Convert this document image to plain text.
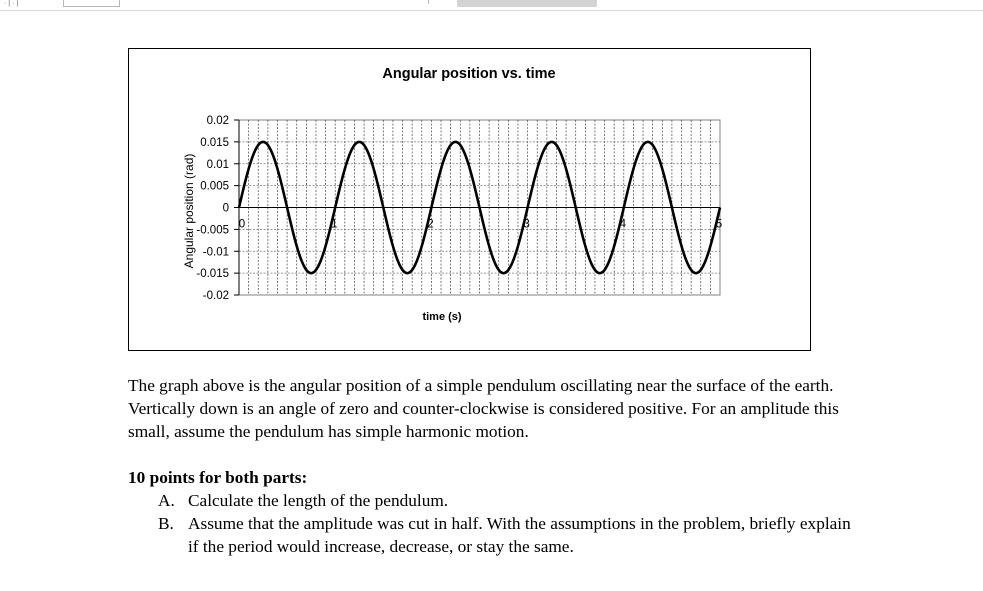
· | · |
Angular position vs. time
0.02
0.015
0.01
0.005
0
-0.005
-0.01
-0.015
-0.02
0	1	2	3	4	5
time (s)
Angular position (rad)

The graph above is the angular position of a simple pendulum oscillating near the surface of the earth. Vertically down is an angle of zero and counter-clockwise is considered positive. For an amplitude this small, assume the pendulum has simple harmonic motion.

10 points for both parts:

A. Calculate the length of the pendulum.
B. Assume that the amplitude was cut in half. With the assumptions in the problem, briefly explain if the period would increase, decrease, or stay the same.
